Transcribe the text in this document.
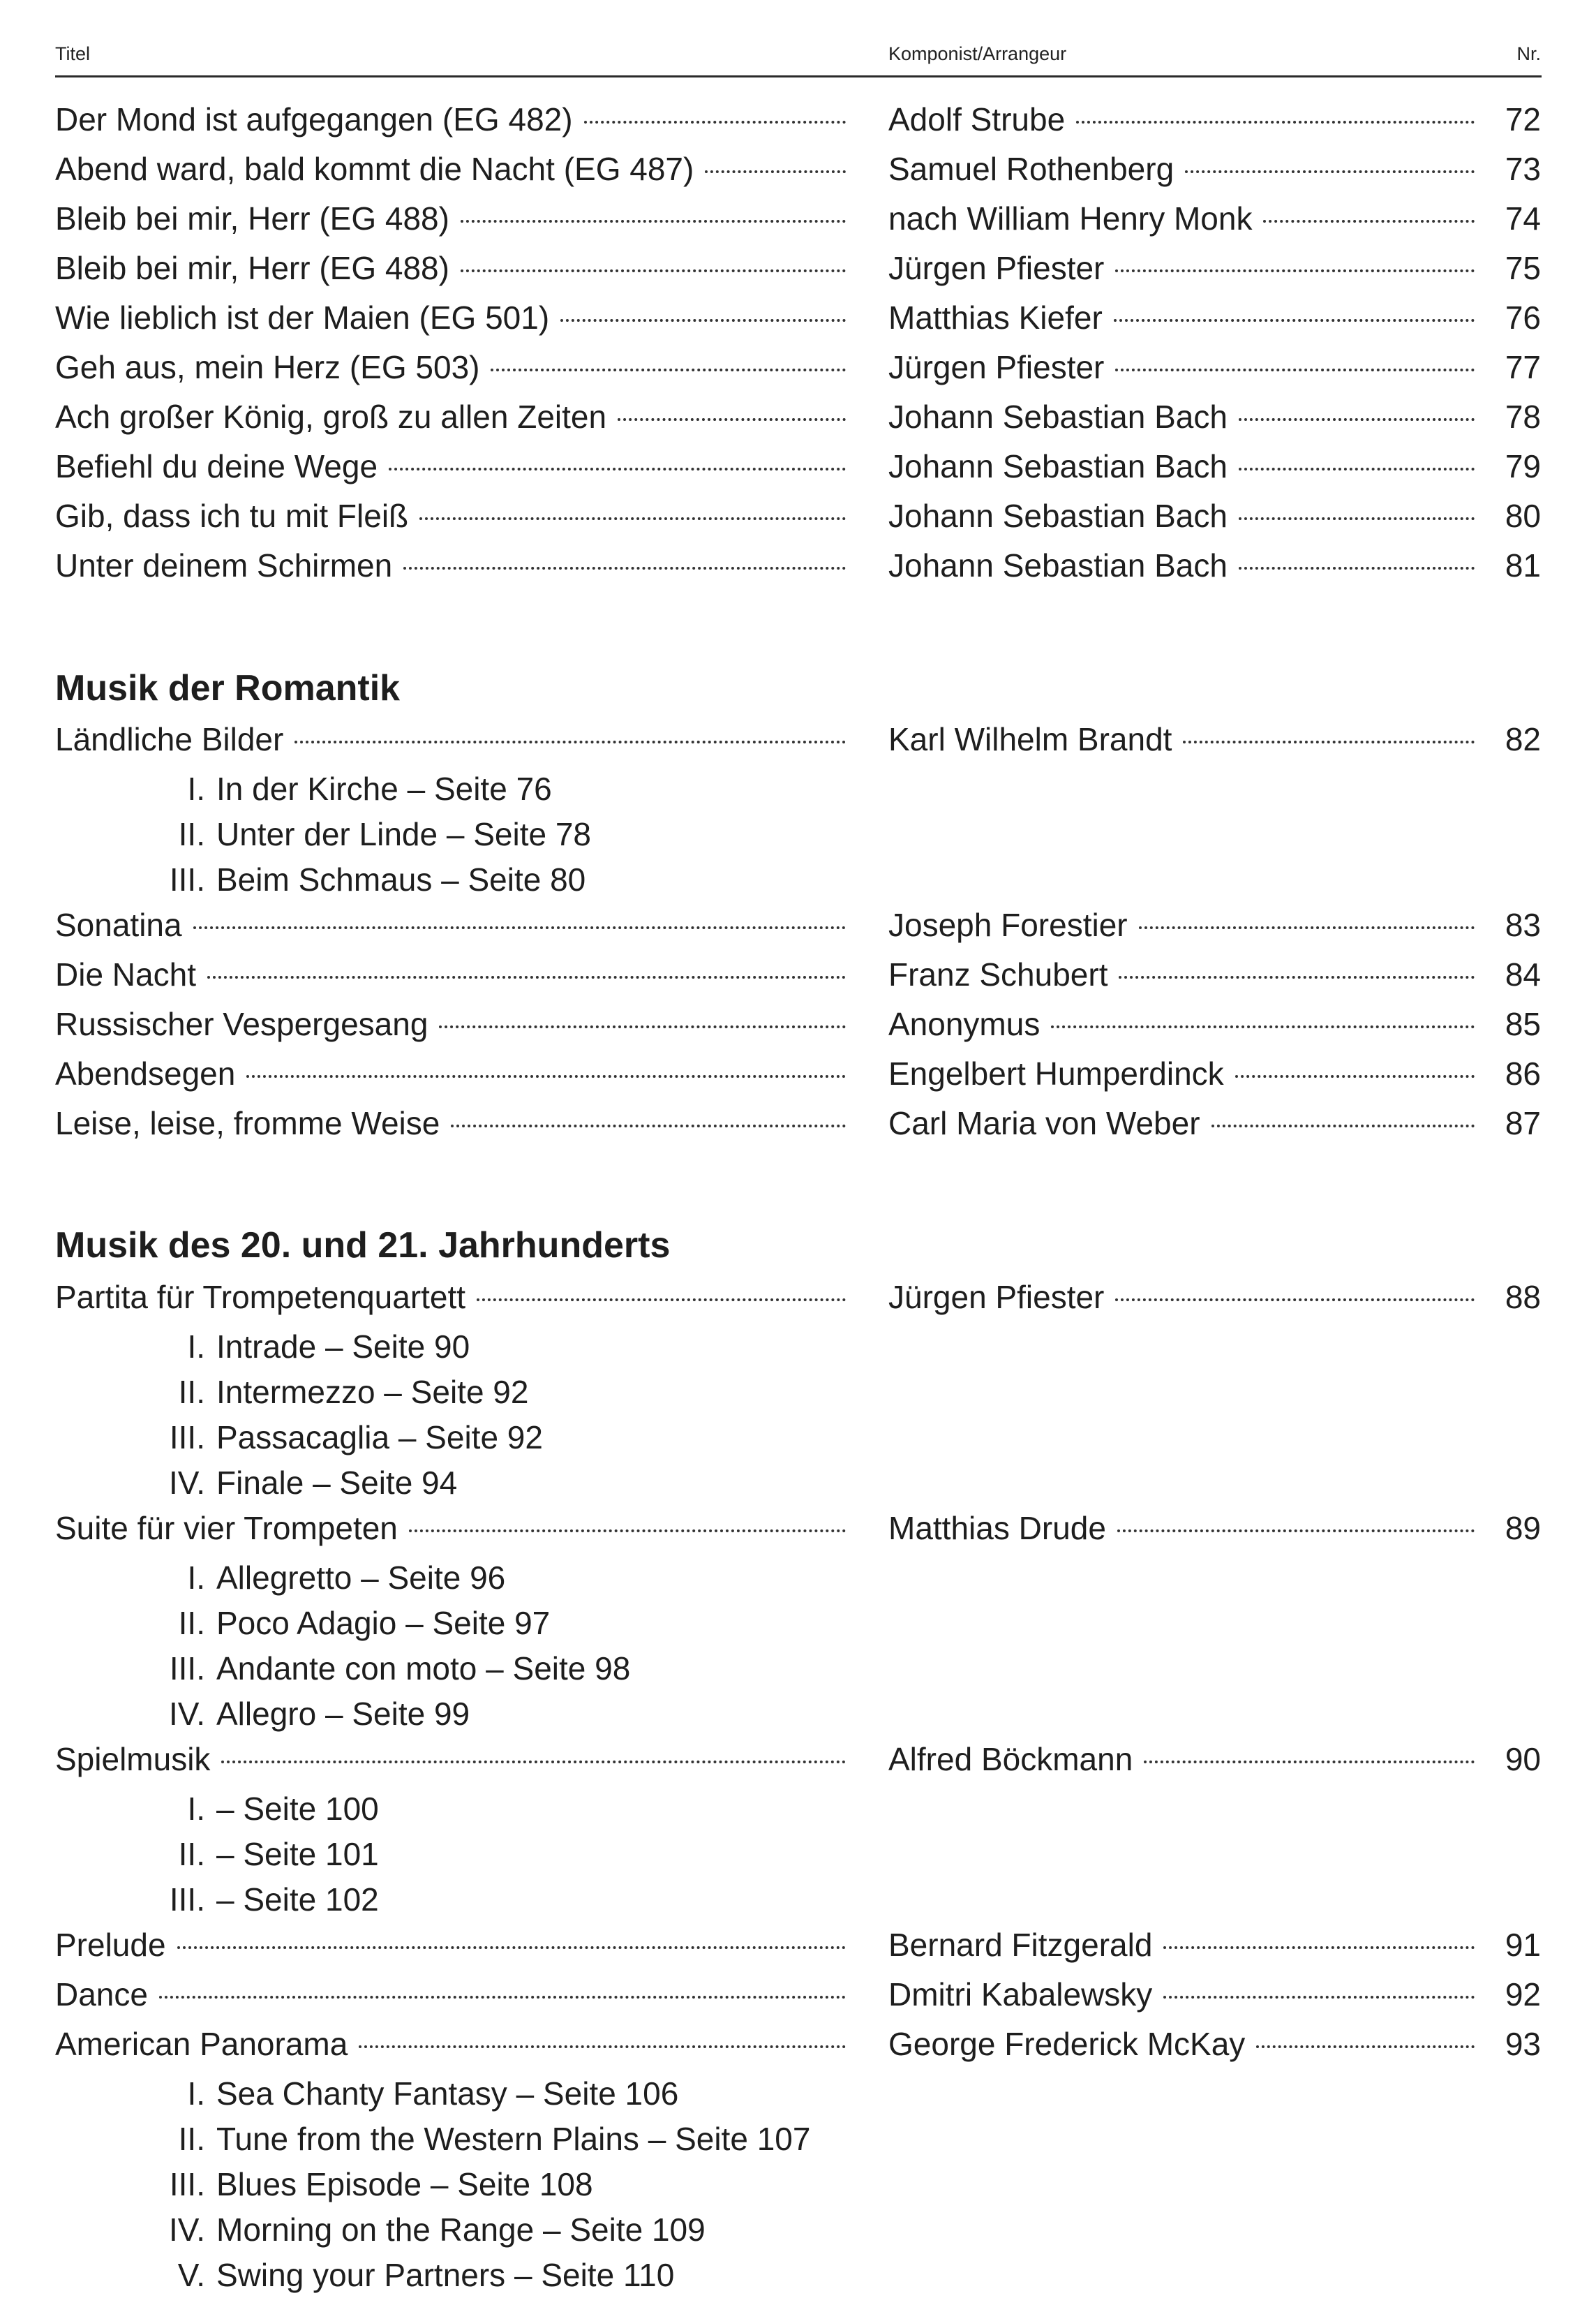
Titel	Komponist/Arrangeur	Nr.
Der Mond ist aufgegangen (EG 482)	Adolf Strube	72
Abend ward, bald kommt die Nacht (EG 487)	Samuel Rothenberg	73
Bleib bei mir, Herr (EG 488)	nach William Henry Monk	74
Bleib bei mir, Herr (EG 488)	Jürgen Pfiester	75
Wie lieblich ist der Maien (EG 501)	Matthias Kiefer	76
Geh aus, mein Herz (EG 503)	Jürgen Pfiester	77
Ach großer König, groß zu allen Zeiten	Johann Sebastian Bach	78
Befiehl du deine Wege	Johann Sebastian Bach	79
Gib, dass ich tu mit Fleiß	Johann Sebastian Bach	80
Unter deinem Schirmen	Johann Sebastian Bach	81
Musik der Romantik
Ländliche Bilder	Karl Wilhelm Brandt	82
I. In der Kirche – Seite 76
II. Unter der Linde – Seite 78
III. Beim Schmaus – Seite 80
Sonatina	Joseph Forestier	83
Die Nacht	Franz Schubert	84
Russischer Vespergesang	Anonymus	85
Abendsegen	Engelbert Humperdinck	86
Leise, leise, fromme Weise	Carl Maria von Weber	87
Musik des 20. und 21. Jahrhunderts
Partita für Trompetenquartett	Jürgen Pfiester	88
I. Intrade – Seite 90
II. Intermezzo – Seite 92
III. Passacaglia – Seite 92
IV. Finale – Seite 94
Suite für vier Trompeten	Matthias Drude	89
I. Allegretto – Seite 96
II. Poco Adagio – Seite 97
III. Andante con moto – Seite 98
IV. Allegro – Seite 99
Spielmusik	Alfred Böckmann	90
I. – Seite 100
II. – Seite 101
III. – Seite 102
Prelude	Bernard Fitzgerald	91
Dance	Dmitri Kabalewsky	92
American Panorama	George Frederick McKay	93
I. Sea Chanty Fantasy – Seite 106
II. Tune from the Western Plains – Seite 107
III. Blues Episode – Seite 108
IV. Morning on the Range – Seite 109
V. Swing your Partners – Seite 110
